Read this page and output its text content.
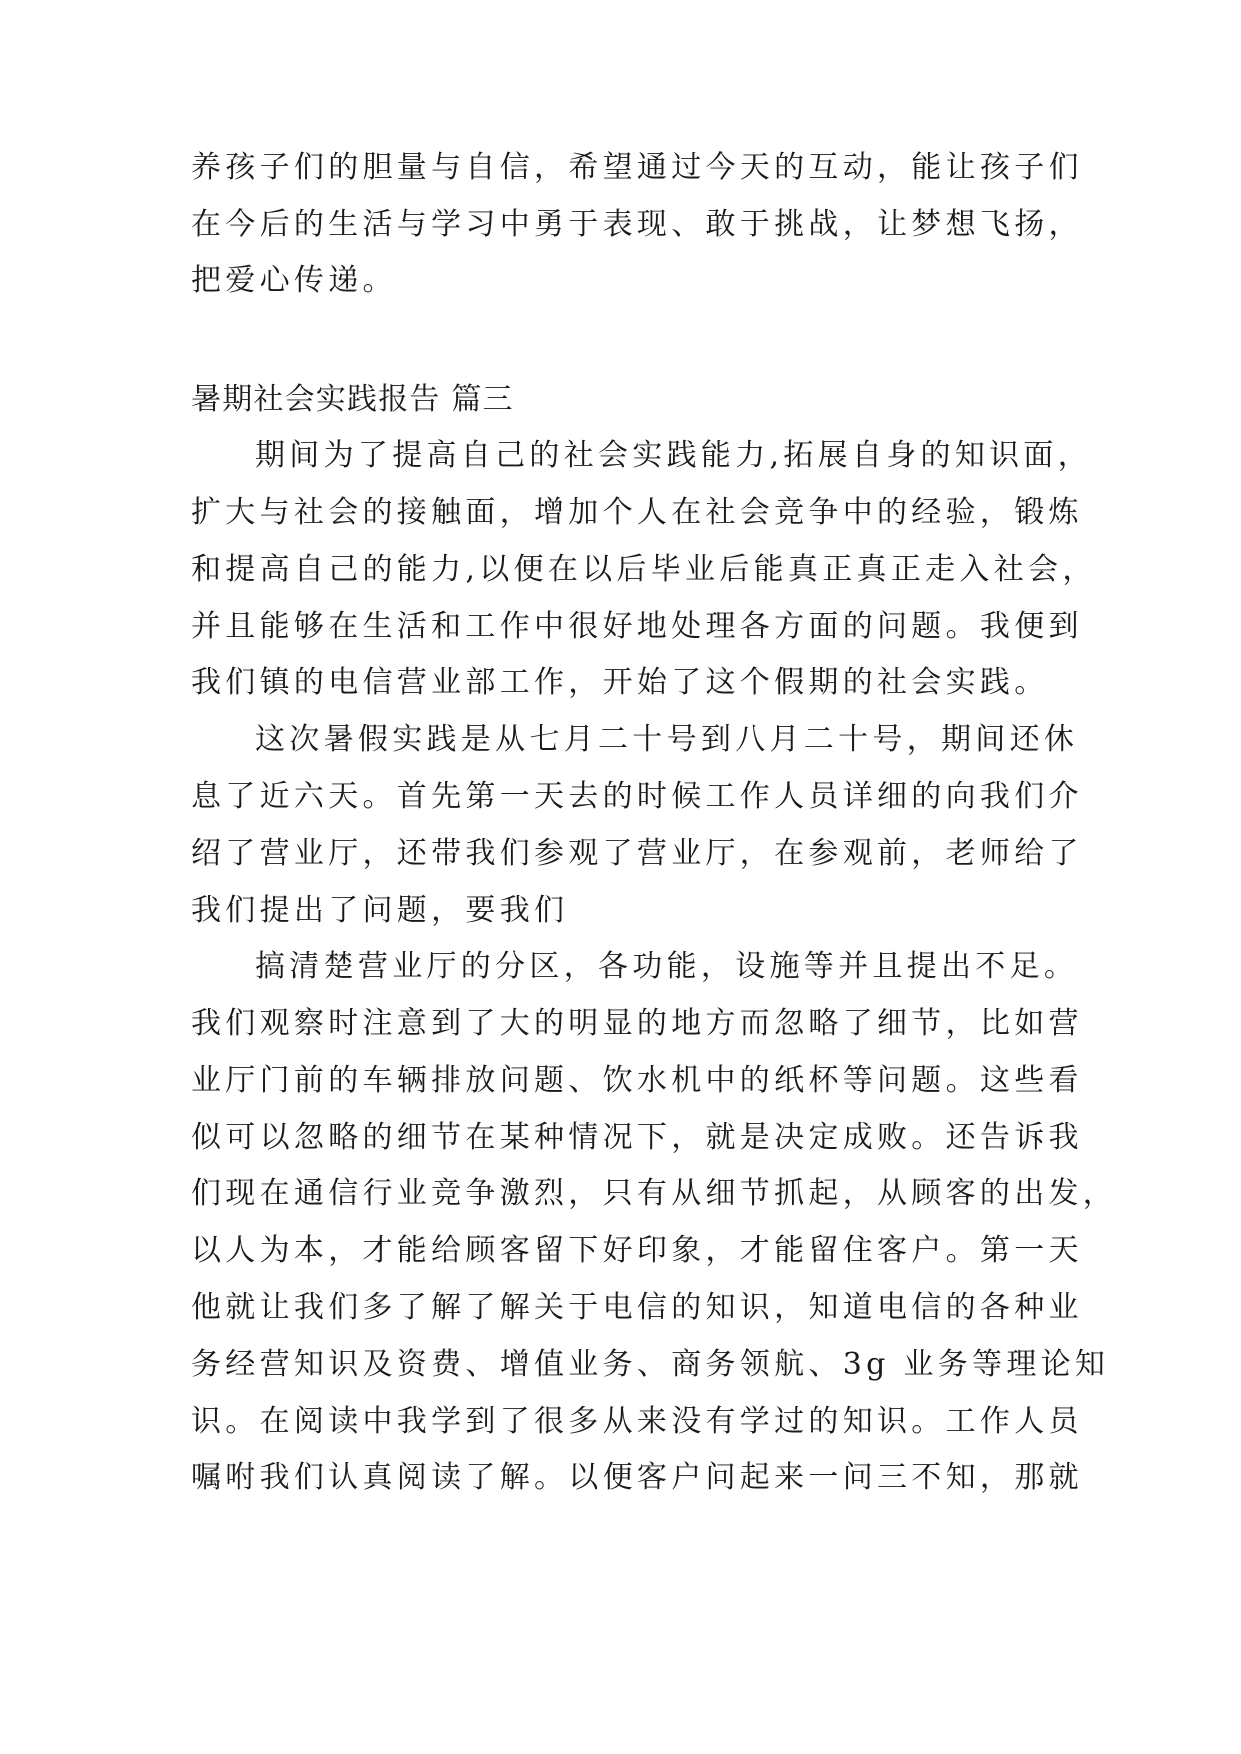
养孩子们的胆量与自信，希望通过今天的互动，能让孩子们
在今后的生活与学习中勇于表现、敢于挑战，让梦想飞扬，
把爱心传递。
暑期社会实践报告 篇三
期间为了提高自己的社会实践能力,拓展自身的知识面，
扩大与社会的接触面，增加个人在社会竞争中的经验，锻炼
和提高自己的能力,以便在以后毕业后能真正真正走入社会，
并且能够在生活和工作中很好地处理各方面的问题。我便到
我们镇的电信营业部工作，开始了这个假期的社会实践。
这次暑假实践是从七月二十号到八月二十号，期间还休
息了近六天。首先第一天去的时候工作人员详细的向我们介
绍了营业厅，还带我们参观了营业厅，在参观前，老师给了
我们提出了问题，要我们
搞清楚营业厅的分区，各功能，设施等并且提出不足。
我们观察时注意到了大的明显的地方而忽略了细节，比如营
业厅门前的车辆排放问题、饮水机中的纸杯等问题。这些看
似可以忽略的细节在某种情况下，就是决定成败。还告诉我
们现在通信行业竞争激烈，只有从细节抓起，从顾客的出发，
以人为本，才能给顾客留下好印象，才能留住客户。第一天
他就让我们多了解了解关于电信的知识，知道电信的各种业
务经营知识及资费、增值业务、商务领航、3g 业务等理论知
识。在阅读中我学到了很多从来没有学过的知识。工作人员
嘱咐我们认真阅读了解。以便客户问起来一问三不知，那就
